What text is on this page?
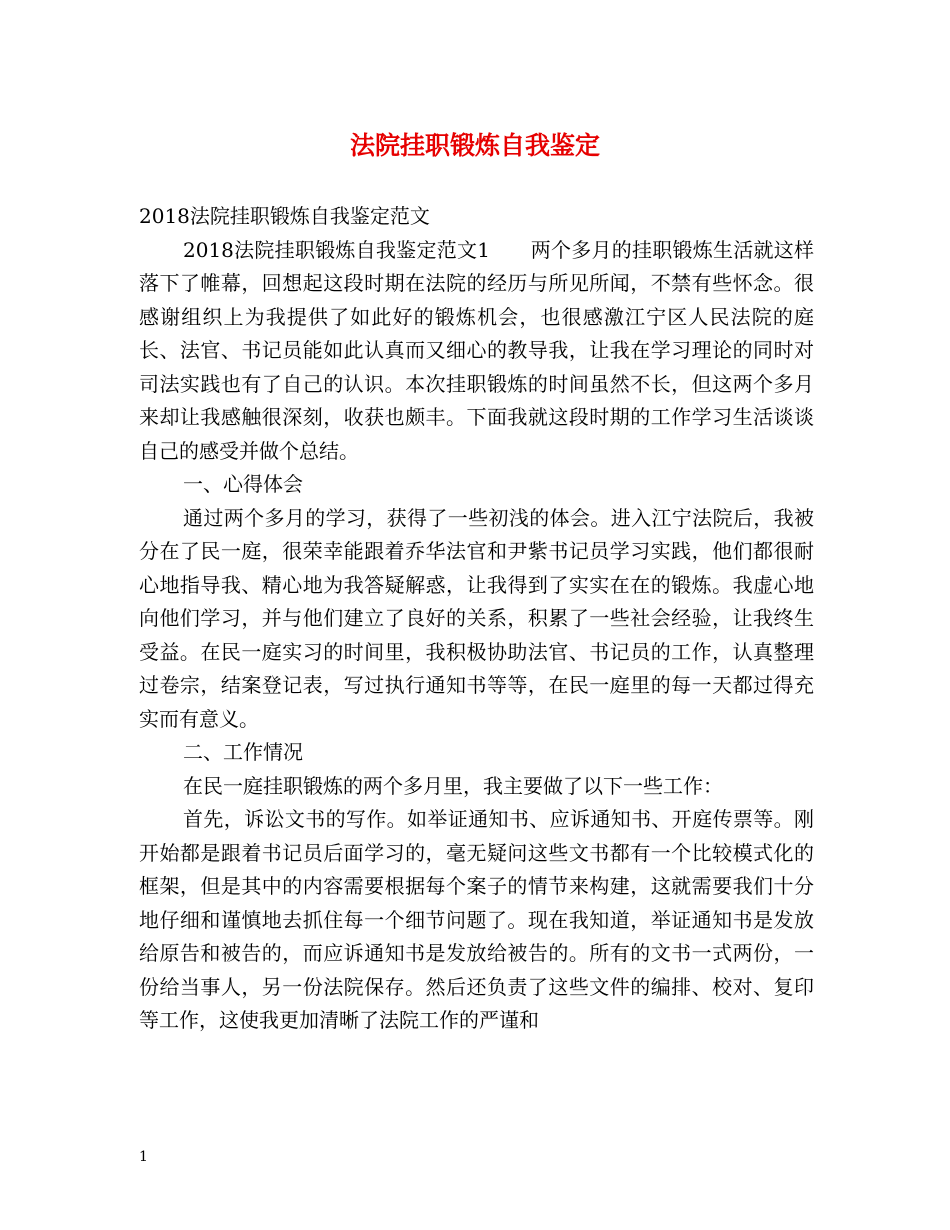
法院挂职锻炼自我鉴定

2018法院挂职锻炼自我鉴定范文

2018法院挂职锻炼自我鉴定范文1　　两个多月的挂职锻炼生活就这样落下了帷幕，回想起这段时期在法院的经历与所见所闻，不禁有些怀念。很感谢组织上为我提供了如此好的锻炼机会，也很感激江宁区人民法院的庭长、法官、书记员能如此认真而又细心的教导我，让我在学习理论的同时对司法实践也有了自己的认识。本次挂职锻炼的时间虽然不长，但这两个多月来却让我感触很深刻，收获也颇丰。下面我就这段时期的工作学习生活谈谈自己的感受并做个总结。

一、心得体会

通过两个多月的学习，获得了一些初浅的体会。进入江宁法院后，我被分在了民一庭，很荣幸能跟着乔华法官和尹紫书记员学习实践，他们都很耐心地指导我、精心地为我答疑解惑，让我得到了实实在在的锻炼。我虚心地向他们学习，并与他们建立了良好的关系，积累了一些社会经验，让我终生受益。在民一庭实习的时间里，我积极协助法官、书记员的工作，认真整理过卷宗，结案登记表，写过执行通知书等等，在民一庭里的每一天都过得充实而有意义。

二、工作情况

在民一庭挂职锻炼的两个多月里，我主要做了以下一些工作：

首先，诉讼文书的写作。如举证通知书、应诉通知书、开庭传票等。刚开始都是跟着书记员后面学习的，毫无疑问这些文书都有一个比较模式化的框架，但是其中的内容需要根据每个案子的情节来构建，这就需要我们十分地仔细和谨慎地去抓住每一个细节问题了。现在我知道，举证通知书是发放给原告和被告的，而应诉通知书是发放给被告的。所有的文书一式两份，一份给当事人，另一份法院保存。然后还负责了这些文件的编排、校对、复印等工作，这使我更加清晰了法院工作的严谨和

1
